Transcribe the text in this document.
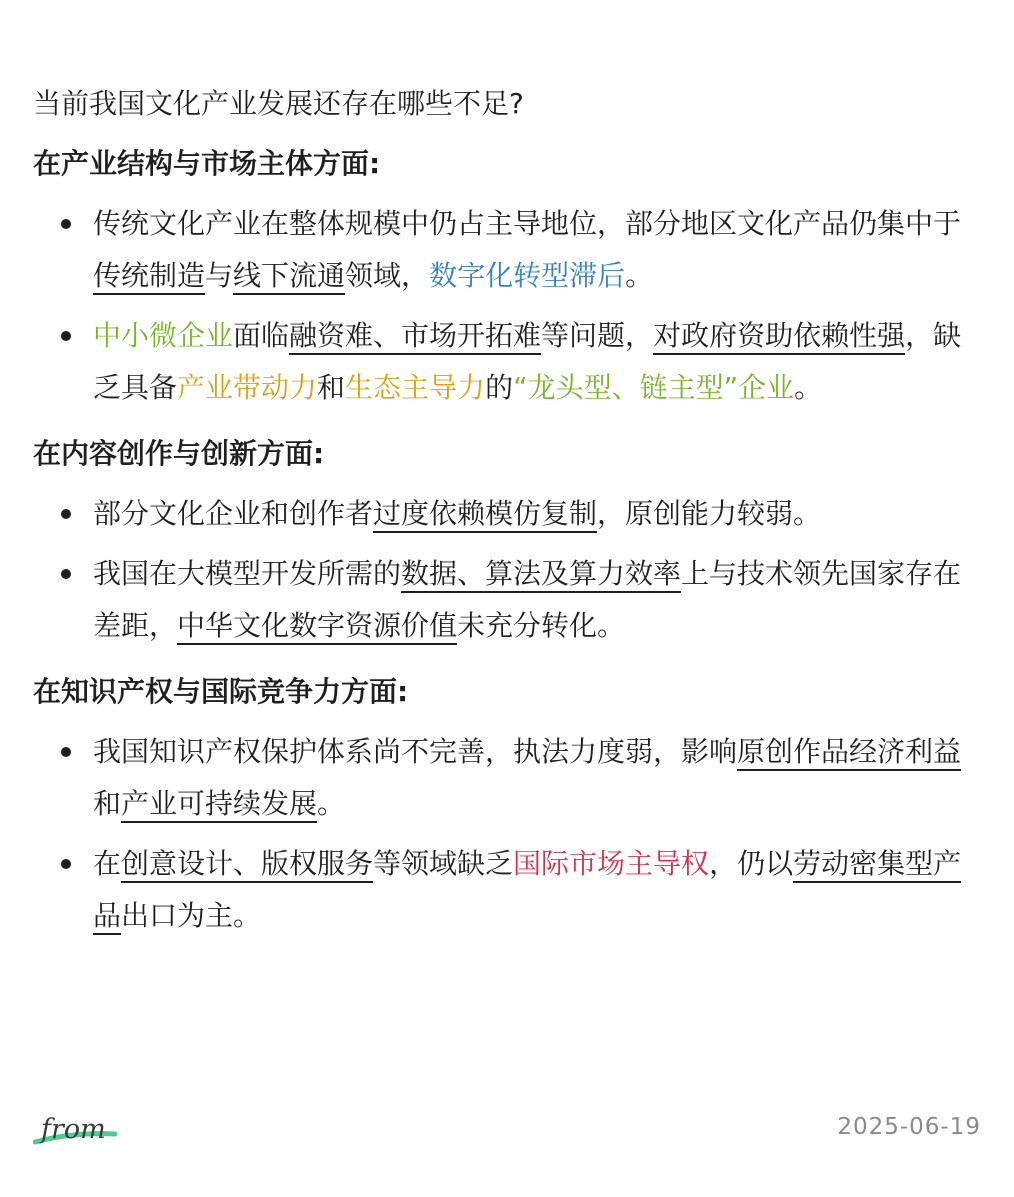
当前我国文化产业发展还存在哪些不足?

在产业结构与市场主体方面:
传统文化产业在整体规模中仍占主导地位，部分地区文化产品仍集中于传统制造与线下流通领域，数字化转型滞后。
中小微企业面临融资难、市场开拓难等问题，对政府资助依赖性强，缺乏具备产业带动力和生态主导力的“龙头型、链主型”企业。
在内容创作与创新方面:
部分文化企业和创作者过度依赖模仿复制，原创能力较弱。
我国在大模型开发所需的数据、算法及算力效率上与技术领先国家存在差距，中华文化数字资源价值未充分转化。
在知识产权与国际竞争力方面:
我国知识产权保护体系尚不完善，执法力度弱，影响原创作品经济利益和产业可持续发展。
在创意设计、版权服务等领域缺乏国际市场主导权，仍以劳动密集型产品出口为主。
from	2025-06-19
